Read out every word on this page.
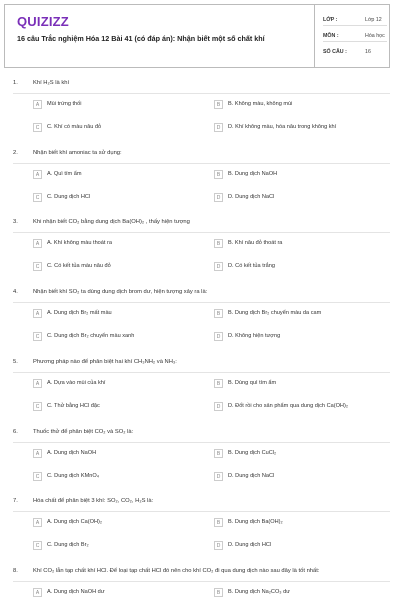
QUIZIZZ
16 câu Trắc nghiệm Hóa 12 Bài 41 (có đáp án): Nhận biết một số chất khí
LỚP :	Lớp 12
MÔN :	Hóa học
SỐ CÂU :	16
1.	Khí H₂S là khí
A	Mùi trứng thối	B	B. Không màu, không mùi
C	C. Khí có màu nâu đỏ	D	D. Khí không màu, hóa nâu trong không khí
2.	Nhận biết khí amoniac ta sử dụng:
A	A. Quì tím ẩm	B	B. Dung dịch NaOH
C	C. Dung dịch HCl	D	D. Dung dịch NaCl
3.	Khi nhận biết CO₂ bằng dung dịch Ba(OH)₂ , thấy hiện tượng
A	A. Khí không màu thoát ra	B	B. Khí nâu đỏ thoát ra
C	C. Có kết tủa màu nâu đỏ	D	D. Có kết tủa trắng
4.	Nhận biết khí SO₂ ta dùng dung dịch brom dư, hiện tượng xảy ra là:
A	A. Dung dịch Br₂ mất màu	B	B. Dung dịch Br₂ chuyển màu da cam
C	C. Dung dịch Br₂ chuyển màu xanh	D	D. Không hiện tượng
5.	Phương pháp nào để phân biệt hai khí CH₃NH₂ và NH₃:
A	A. Dựa vào mùi của khí	B	B. Dùng quì tím ẩm
C	C. Thử bằng HCl đặc	D	D. Đốt rồi cho sản phẩm qua dung dịch Ca(OH)₂
6.	Thuốc thử để phân biệt CO₂ và SO₂ là:
A	A. Dung dịch NaOH	B	B. Dung dịch CuCl₂
C	C. Dung dịch KMnO₄	D	D. Dung dịch NaCl
7.	Hóa chất để phân biệt 3 khí: SO₂, CO₂, H₂S là:
A	A. Dung dịch Ca(OH)₂	B	B. Dung dịch Ba(OH)₂
C	C. Dung dịch Br₂	D	D. Dung dịch HCl
8.	Khí CO₂ lẫn tạp chất khí HCl. Để loại tạp chất HCl đó nên cho khí CO₂ đi qua dung dịch nào sau đây là tốt nhất:
A	A. Dung dịch NaOH dư	B	B. Dung dịch Na₂CO₃ dư
